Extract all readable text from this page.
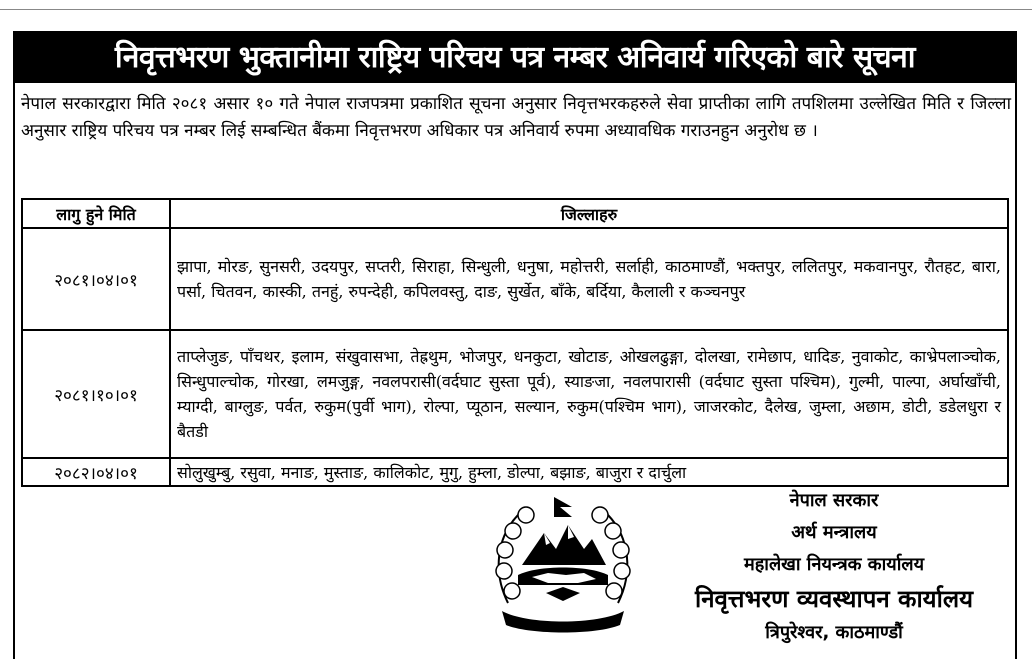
निवृत्तभरण भुक्तानीमा राष्ट्रिय परिचय पत्र नम्बर अनिवार्य गरिएको बारे सूचना
नेपाल सरकारद्वारा मिति २०८१ असार १० गते नेपाल राजपत्रमा प्रकाशित सूचना अनुसार निवृत्तभरकहरुले सेवा प्राप्तीका लागि तपशिलमा उल्लेखित मिति र जिल्ला अनुसार राष्ट्रिय परिचय पत्र नम्बर लिई सम्बन्धित बैंकमा निवृत्तभरण अधिकार पत्र अनिवार्य रुपमा अध्यावधिक गराउनहुन अनुरोध छ ।
लागु हुने मिति	जिल्लाहरु
२०८१।०४।०१	झापा, मोरङ, सुनसरी, उदयपुर, सप्तरी, सिराहा, सिन्धुली, धनुषा, महोत्तरी, सर्लाही, काठमाण्डौं, भक्तपुर, ललितपुर, मकवानपुर, रौतहट, बारा, पर्सा, चितवन, कास्की, तनहुं, रुपन्देही, कपिलवस्तु, दाङ, सुर्खेत, बाँके, बर्दिया, कैलाली र कञ्चनपुर
२०८१।१०।०१	ताप्लेजुङ, पाँचथर, इलाम, संखुवासभा, तेह्रथुम, भोजपुर, धनकुटा, खोटाङ, ओखलढुङ्गा, दोलखा, रामेछाप, धादिङ, नुवाकोट, काभ्रेपलाञ्चोक, सिन्धुपाल्चोक, गोरखा, लमजुङ्ग, नवलपरासी(वर्दघाट सुस्ता पूर्व), स्याङजा, नवलपारासी (वर्दघाट सुस्ता पश्चिम), गुल्मी, पाल्पा, अर्घाखाँची, म्याग्दी, बाग्लुङ, पर्वत, रुकुम(पुर्वी भाग), रोल्पा, प्यूठान, सल्यान, रुकुम(पश्चिम भाग), जाजरकोट, दैलेख, जुम्ला, अछाम, डोटी, डडेलधुरा र बैतडी
२०८२।०४।०१	सोलुखुम्बु, रसुवा, मनाङ, मुस्ताङ, कालिकोट, मुगु, हुम्ला, डोल्पा, बझाङ, बाजुरा र दार्चुला
नेपाल सरकार
अर्थ मन्त्रालय
महालेखा नियन्त्रक कार्यालय
निवृत्तभरण व्यवस्थापन कार्यालय
त्रिपुरेश्वर, काठमाण्डौं
